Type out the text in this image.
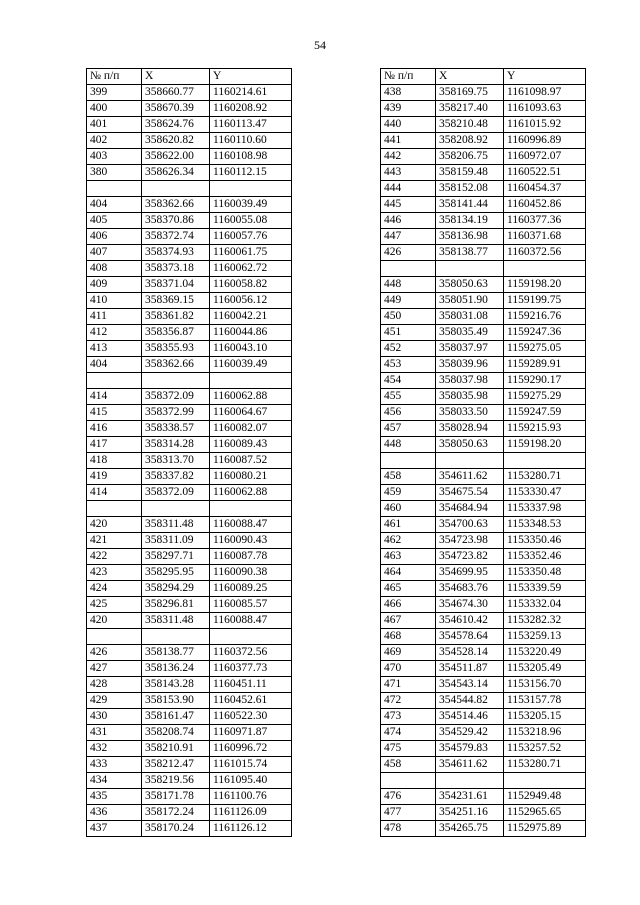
54
№ п/п	X	Y
399	358660.77	1160214.61
400	358670.39	1160208.92
401	358624.76	1160113.47
402	358620.82	1160110.60
403	358622.00	1160108.98
380	358626.34	1160112.15

404	358362.66	1160039.49
405	358370.86	1160055.08
406	358372.74	1160057.76
407	358374.93	1160061.75
408	358373.18	1160062.72
409	358371.04	1160058.82
410	358369.15	1160056.12
411	358361.82	1160042.21
412	358356.87	1160044.86
413	358355.93	1160043.10
404	358362.66	1160039.49

414	358372.09	1160062.88
415	358372.99	1160064.67
416	358338.57	1160082.07
417	358314.28	1160089.43
418	358313.70	1160087.52
419	358337.82	1160080.21
414	358372.09	1160062.88

420	358311.48	1160088.47
421	358311.09	1160090.43
422	358297.71	1160087.78
423	358295.95	1160090.38
424	358294.29	1160089.25
425	358296.81	1160085.57
420	358311.48	1160088.47

426	358138.77	1160372.56
427	358136.24	1160377.73
428	358143.28	1160451.11
429	358153.90	1160452.61
430	358161.47	1160522.30
431	358208.74	1160971.87
432	358210.91	1160996.72
433	358212.47	1161015.74
434	358219.56	1161095.40
435	358171.78	1161100.76
436	358172.24	1161126.09
437	358170.24	1161126.12
№ п/п	X	Y
438	358169.75	1161098.97
439	358217.40	1161093.63
440	358210.48	1161015.92
441	358208.92	1160996.89
442	358206.75	1160972.07
443	358159.48	1160522.51
444	358152.08	1160454.37
445	358141.44	1160452.86
446	358134.19	1160377.36
447	358136.98	1160371.68
426	358138.77	1160372.56

448	358050.63	1159198.20
449	358051.90	1159199.75
450	358031.08	1159216.76
451	358035.49	1159247.36
452	358037.97	1159275.05
453	358039.96	1159289.91
454	358037.98	1159290.17
455	358035.98	1159275.29
456	358033.50	1159247.59
457	358028.94	1159215.93
448	358050.63	1159198.20

458	354611.62	1153280.71
459	354675.54	1153330.47
460	354684.94	1153337.98
461	354700.63	1153348.53
462	354723.98	1153350.46
463	354723.82	1153352.46
464	354699.95	1153350.48
465	354683.76	1153339.59
466	354674.30	1153332.04
467	354610.42	1153282.32
468	354578.64	1153259.13
469	354528.14	1153220.49
470	354511.87	1153205.49
471	354543.14	1153156.70
472	354544.82	1153157.78
473	354514.46	1153205.15
474	354529.42	1153218.96
475	354579.83	1153257.52
458	354611.62	1153280.71

476	354231.61	1152949.48
477	354251.16	1152965.65
478	354265.75	1152975.89
